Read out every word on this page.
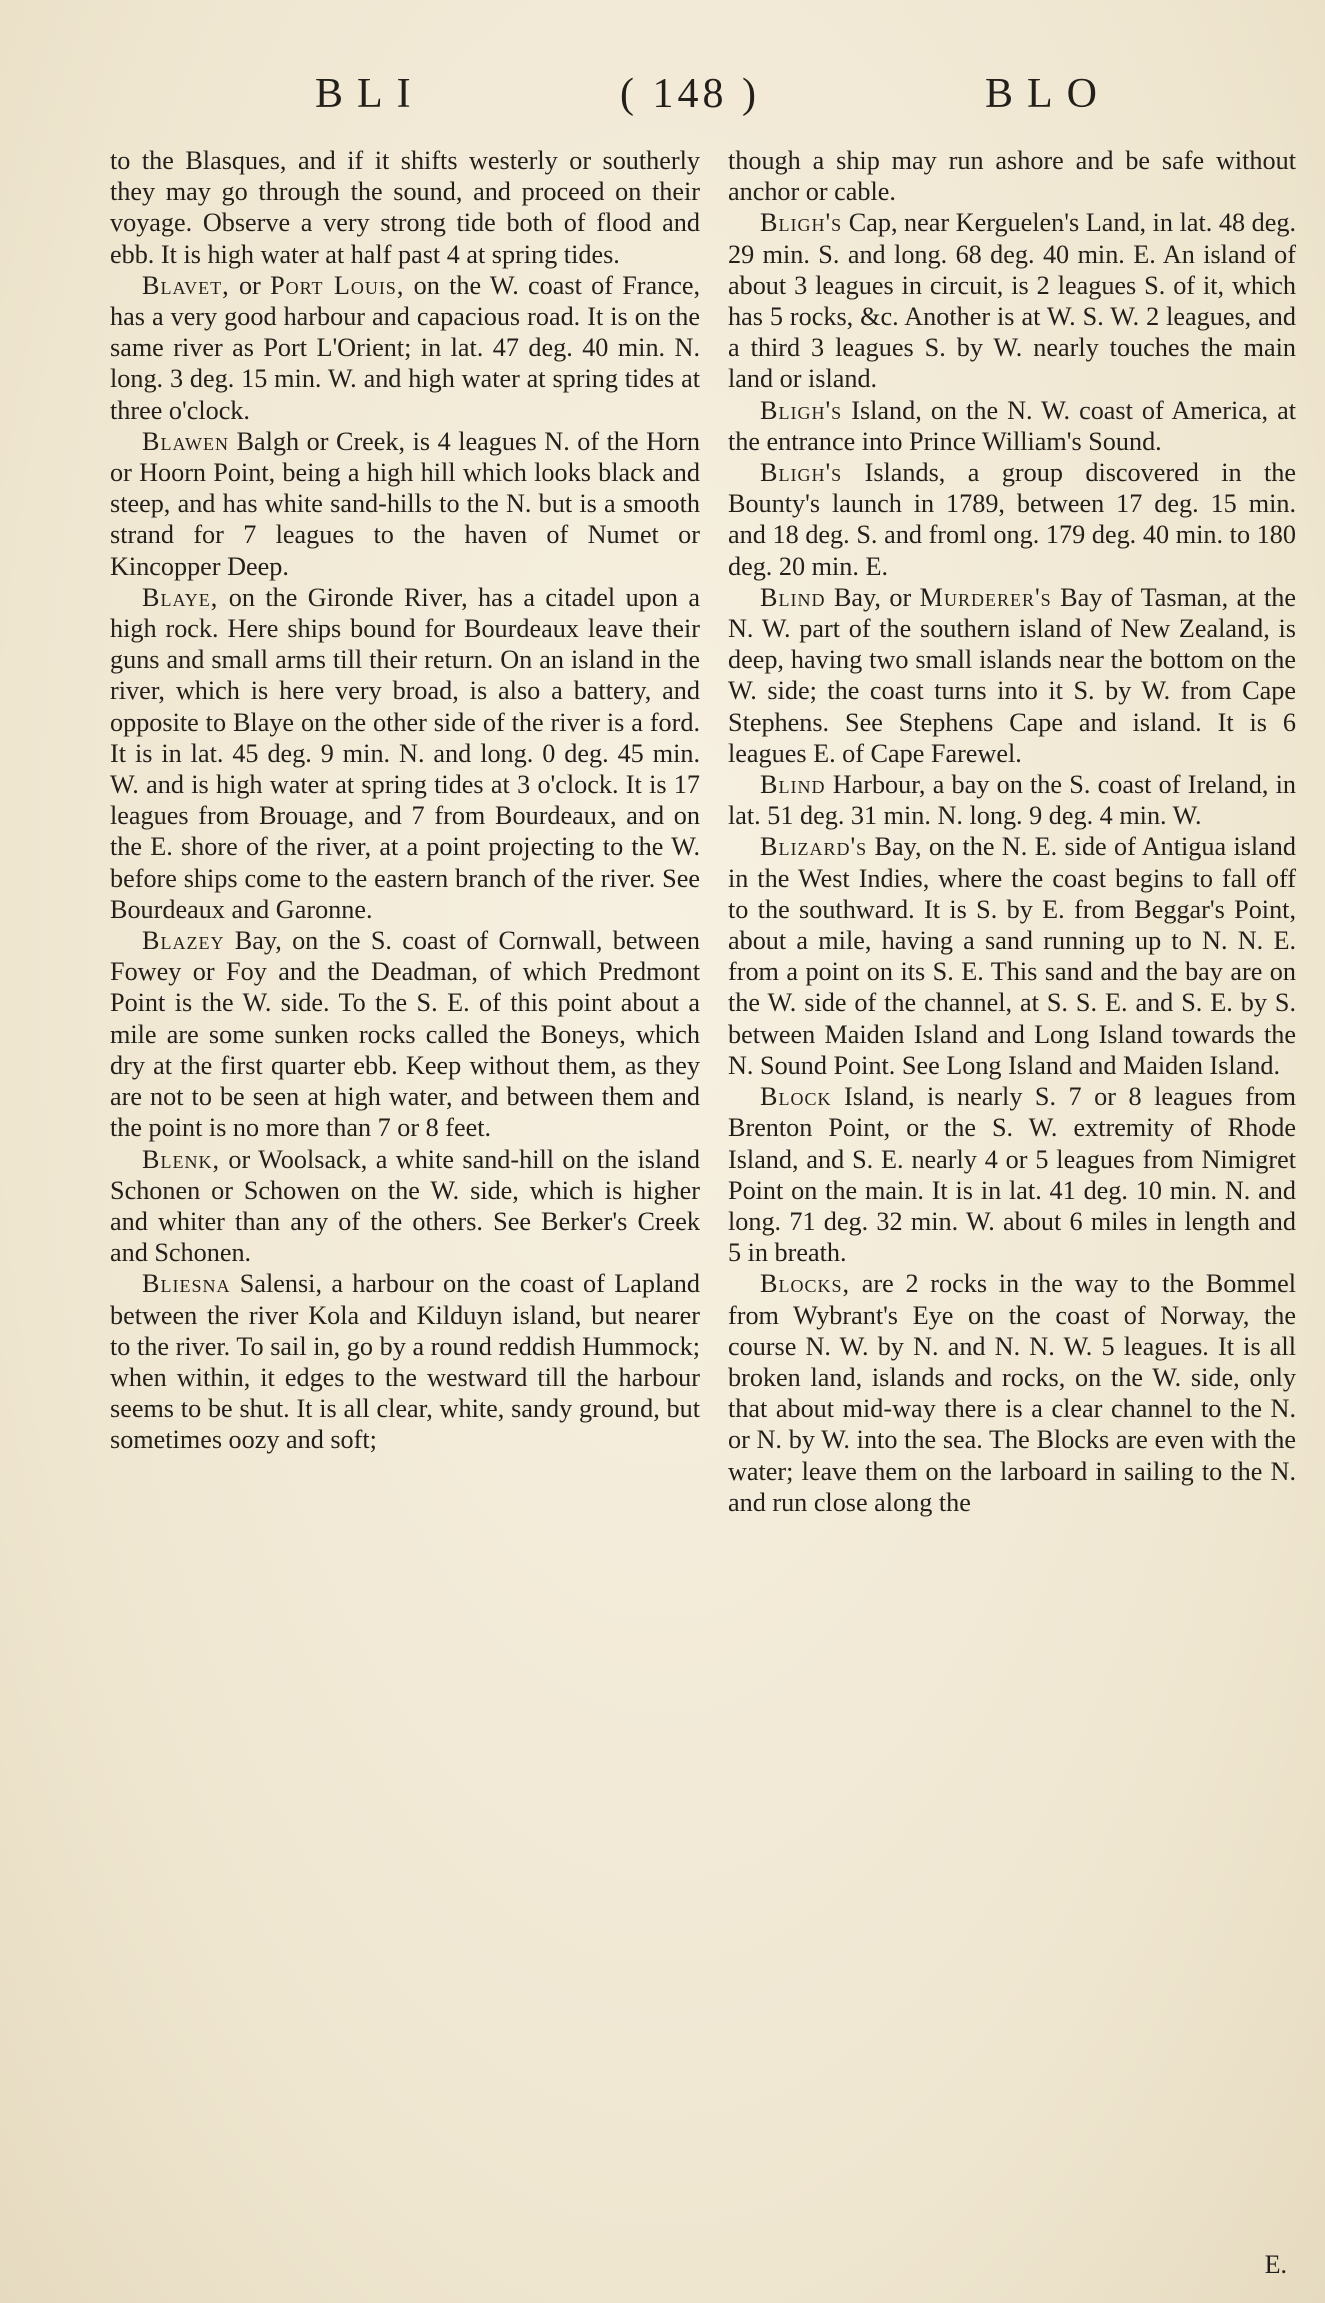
BLI	( 148 )	BLO

to the Blasques, and if it shifts westerly or southerly they may go through the sound, and proceed on their voyage. Observe a very strong tide both of flood and ebb. It is high water at half past 4 at spring tides.

Blavet, or Port Louis, on the W. coast of France, has a very good harbour and capacious road. It is on the same river as Port L'Orient; in lat. 47 deg. 40 min. N. long. 3 deg. 15 min. W. and high water at spring tides at three o'clock.

Blawen Balgh or Creek, is 4 leagues N. of the Horn or Hoorn Point, being a high hill which looks black and steep, and has white sand-hills to the N. but is a smooth strand for 7 leagues to the haven of Numet or Kincopper Deep.

Blaye, on the Gironde River, has a citadel upon a high rock. Here ships bound for Bourdeaux leave their guns and small arms till their return. On an island in the river, which is here very broad, is also a battery, and opposite to Blaye on the other side of the river is a ford. It is in lat. 45 deg. 9 min. N. and long. 0 deg. 45 min. W. and is high water at spring tides at 3 o'clock. It is 17 leagues from Brouage, and 7 from Bourdeaux, and on the E. shore of the river, at a point projecting to the W. before ships come to the eastern branch of the river. See Bourdeaux and Garonne.

Blazey Bay, on the S. coast of Cornwall, between Fowey or Foy and the Deadman, of which Predmont Point is the W. side. To the S. E. of this point about a mile are some sunken rocks called the Boneys, which dry at the first quarter ebb. Keep without them, as they are not to be seen at high water, and between them and the point is no more than 7 or 8 feet.

Blenk, or Woolsack, a white sand-hill on the island Schonen or Schowen on the W. side, which is higher and whiter than any of the others. See Berker's Creek and Schonen.

Bliesna Salensi, a harbour on the coast of Lapland between the river Kola and Kilduyn island, but nearer to the river. To sail in, go by a round reddish Hummock; when within, it edges to the westward till the harbour seems to be shut. It is all clear, white, sandy ground, but sometimes oozy and soft;

though a ship may run ashore and be safe without anchor or cable.

Bligh's Cap, near Kerguelen's Land, in lat. 48 deg. 29 min. S. and long. 68 deg. 40 min. E. An island of about 3 leagues in circuit, is 2 leagues S. of it, which has 5 rocks, &c. Another is at W. S. W. 2 leagues, and a third 3 leagues S. by W. nearly touches the main land or island.

Bligh's Island, on the N. W. coast of America, at the entrance into Prince William's Sound.

Bligh's Islands, a group discovered in the Bounty's launch in 1789, between 17 deg. 15 min. and 18 deg. S. and froml ong. 179 deg. 40 min. to 180 deg. 20 min. E.

Blind Bay, or Murderer's Bay of Tasman, at the N. W. part of the southern island of New Zealand, is deep, having two small islands near the bottom on the W. side; the coast turns into it S. by W. from Cape Stephens. See Stephens Cape and island. It is 6 leagues E. of Cape Farewel.

Blind Harbour, a bay on the S. coast of Ireland, in lat. 51 deg. 31 min. N. long. 9 deg. 4 min. W.

Blizard's Bay, on the N. E. side of Antigua island in the West Indies, where the coast begins to fall off to the southward. It is S. by E. from Beggar's Point, about a mile, having a sand running up to N. N. E. from a point on its S. E. This sand and the bay are on the W. side of the channel, at S. S. E. and S. E. by S. between Maiden Island and Long Island towards the N. Sound Point. See Long Island and Maiden Island.

Block Island, is nearly S. 7 or 8 leagues from Brenton Point, or the S. W. extremity of Rhode Island, and S. E. nearly 4 or 5 leagues from Nimigret Point on the main. It is in lat. 41 deg. 10 min. N. and long. 71 deg. 32 min. W. about 6 miles in length and 5 in breath.

Blocks, are 2 rocks in the way to the Bommel from Wybrant's Eye on the coast of Norway, the course N. W. by N. and N. N. W. 5 leagues. It is all broken land, islands and rocks, on the W. side, only that about mid-way there is a clear channel to the N. or N. by W. into the sea. The Blocks are even with the water; leave them on the larboard in sailing to the N. and run close along the

E.
